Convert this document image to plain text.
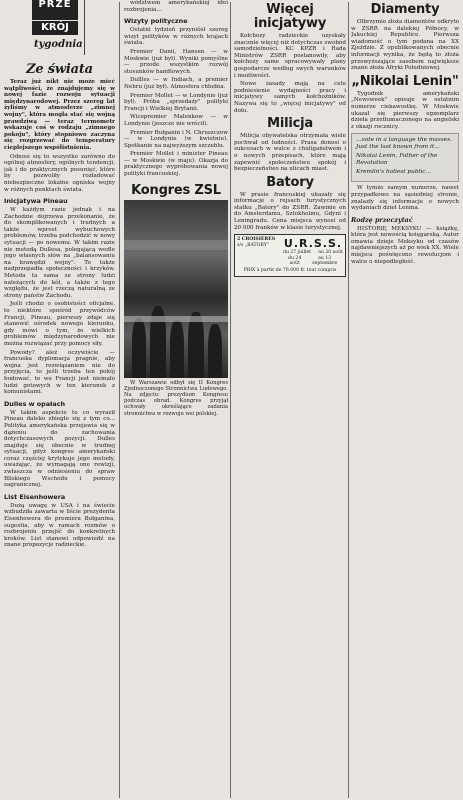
PRZE
KRÓJ
tygodnia
Ze świata

Teraz już nikt nie może mieć wątpliwości, że znajdujemy się w nowej fazie rozwoju sytuacji międzynarodowej. Przez szereg lat żyliśmy w atmosferze „zimnej wojny", która mogła stać się wojną prawdziwą — teraz termometr wskazuje coś w rodzaju „zimnego pokoju", który stopniowo zaczyna się rozgrzewać do temperatury cieplejszego współistnienia.

Odnosi się to wszystko zarówno do ogólnej atmosfery, ogólnych tendencji, jak i do praktycznych posunięć, które by pozwoliły rozładować niebezpieczne lokalne ogniska wojny w różnych punktach świata.

Inicjatywa Pineau

W każdym razie jednak i na Zachodzie dojrzewa przekonanie, że do skomplikowanych i trudnych a także wprost wybuchowych problemów, trzeba podchodzić w nowy sytuacji — po nowemu. W takim razie nie metodą Dullesa, polegającą wedle jego własnych słów na „balansowaniu na krawędzi wojny". To także nadprzepadła społeczności i krzyków. Metoda ta sama ze strony ludzi należących do kół, a także z tego względu, że jest rzeczą naturalną ze strony państw Zachodu.

Jeśli chodzi o osobistości oficjalne, to niektóre spośród przywódców Francji, Pineau, pierwszy zdaje się stanowić ośrodek nowego kierunku, gdy mówi o tym, że wielkich problemów międzynarodowych nie można rozwiązać przy pomocy siły.

Powody? ależ oczywiście — francuska dyplomacja pragnie, aby wojna jest rozwiązaniem nie do przyjęcia, to jeśli trzeba ten pokój budować, to we Francji jest niemało ludzi gotowych w ten kierunek z komunistami.

Dulles w opałach

W takim aspekcie to co wyraził Pineau daleko zbiegło się z tym co... Polityka amerykańska przejawia się w dążeniu do zachowania dotychczasowych pozycji. Dulles znajduje się obecnie w trudnej sytuacji, gdyż kongres amerykański coraz częściej krytykuje jego metody, uważając, że wymagają one rewizji, zwłaszcza w odniesieniu do spraw Bliskiego Wschodu i pomocy zagranicznej.

List Eisenhowera

Dużą uwagę w USA i na świecie wzbudziła zawarta w liście prezydenta Eisenhowera do premiera Bułganina, sugestia, aby w ramach rozmów o rozbrojeniu przejść do konkretnych kroków. List stanowi odpowiedź na znane propozycje radzieckie.

wództwem amerykańskiej idei rozbrojenia...

Wizyty polityczne

Ostatni tydzień przyniósł szereg wizyt polityków w różnych krajach świata.

Premier Danii, Hansen — w Moskwie (już był). Wyniki pomyślne — przede wszystkim rozwój stosunków handlowych.

Dullles — w Indiach, a premier Nehru (już był). Atmosfera chłodna.

Premier Mollet — w Londynie (już był). Próba „sprzedaży" polityki Francji i Wielkiej Brytanii.

Wicepremier Malenkow — w Londynie (jeszcze nie wrócił).

Premier Bułganin i N. Chruszczow — w Londynie (w kwietniu). Spotkanie na najwyższym szczeblu.

Premier Mollet i minister Pineau — w Moskwie (w maju). Okazja do praktycznego wypróbowania nowej polityki francuskiej.

Kongres ZSL

W Warszawie odbył się II Kongres Zjednoczonego Stronnictwa Ludowego. Na zdjęciu: prezydium Kongresu podczas obrad. Kongres przyjął uchwały określające zadania stronnictwa w rozwoju wsi polskiej.

Więcej inicjatywy

Kołchozy radzieckie uzyskały znacznie więcej niż dotychczas swobód samodzielności. KC KPZR i Rada Ministrów ZSRR postanowiły, aby kołchozy same opracowywały plany gospodarcze według swych warunków i możliwości.

Nowe zasady mają na celu podniesienie wydajności pracy i inicjatywy samych kołchoźników. Nazywa się to „więcej inicjatywy" od dołu.

Milicja

Milicja obywatelska otrzymała wiele pochwał od ludności. Prasa donosi o sukcesach w walce z chuligaństwem i o nowych przepisach, które mają zapewnić społeczeństwu spokój i bezpieczeństwo na ulicach miast.

Batory

W prasie francuskiej ukazały się informacje o rejsach turystycznych statku „Batory" do ZSRR. Zawinie on do Amsterdamu, Sztokholmu, Gdyni i Leningradu. Cena miejsca wynosi od 20 000 franków w klasie turystycznej.

2 CROISIÈRES
s/s „BATORY"	U.R.S.S.
du 27 juillet au 20 août
du 24 août
au 13 septembre
PRIX à partir de 76.000 fr. tout compris
Diamenty

Olbrzymie złoża diamentów odkryto w ZSRR na dalekiej Północy, w Jakuckiej Republice. Pierwsza wiadomość o tym podana na XX Zjeździe. Z opublikowanych obecnie informacji wynika, że będą to złoża przewyższające zasobem największe znane złoża Afryki Południowej.

„Nikolai Lenin"

Tygodnik amerykański „Newsweek" opisuje w ostatnim numerze ciekawostkę. W Moskwie ukazał się pierwszy egzemplarz dzieła przetłumaczonego na angielski z okazji rocznicy.

...vote in a language the masses. Just the last known from it...

Nikolai Lenin, Father of the Revolution

Kremlin's holiest public...

W tymże samym numerze, nawet przypadkowo na sąsiedniej stronie, znalazły się informacje o nowych wydaniach dzieł Lenina.

Rodzę przeczytać

HISTORIĘ MEKSYKU — książkę, która jest nowością księgarską. Autor omawia dzieje Meksyku od czasów najdawniejszych aż po wiek XX. Wiele miejsca poświęcono rewolucjom i walce o niepodległość.
